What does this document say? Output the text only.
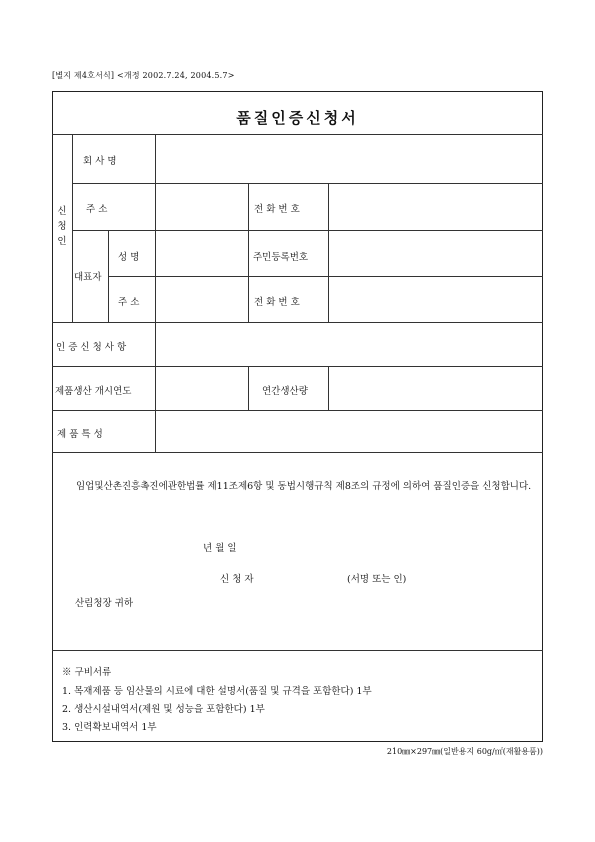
[별지 제4호서식] <개정 2002.7.24, 2004.5.7>
품질인증신청서
신 청 인
회 사 명
주 소	전 화 번 호
대표자
성 명	주민등록번호
주 소	전 화 번 호
인 증 신 청 사 항
제품생산 개시연도	연간생산량
제 품 특 성
임업및산촌진흥촉진에관한법률 제11조제6항 및 동법시행규칙 제8조의 규정에 의하여 품질인증을 신청합니다.
년 월 일
신 청 자	(서명 또는 인)
산림청장 귀하
※ 구비서류
1. 목재제품 등 임산물의 시료에 대한 설명서(품질 및 규격을 포함한다) 1부
2. 생산시설내역서(제원 및 성능을 포함한다) 1부
3. 인력확보내역서 1부
210㎜×297㎜(일반용지 60g/㎡(재활용품))
